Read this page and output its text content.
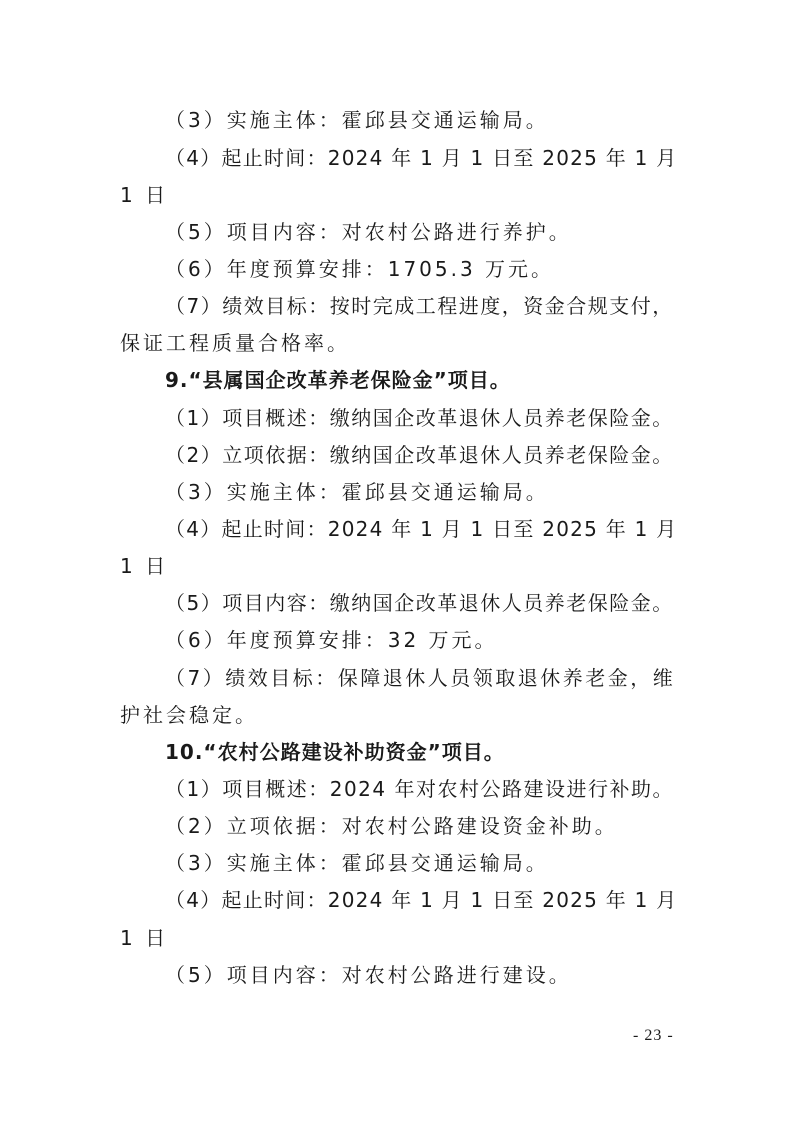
（3）实施主体：霍邱县交通运输局。
（4）起止时间：2024 年 1 月 1 日至 2025 年 1 月
1 日
（5）项目内容：对农村公路进行养护。
（6）年度预算安排：1705.3 万元。
（7）绩效目标：按时完成工程进度，资金合规支付，
保证工程质量合格率。
9.“县属国企改革养老保险金”项目。
（1）项目概述：缴纳国企改革退休人员养老保险金。
（2）立项依据：缴纳国企改革退休人员养老保险金。
（3）实施主体：霍邱县交通运输局。
（4）起止时间：2024 年 1 月 1 日至 2025 年 1 月
1 日
（5）项目内容：缴纳国企改革退休人员养老保险金。
（6）年度预算安排：32 万元。
（7）绩效目标：保障退休人员领取退休养老金，维
护社会稳定。
10.“农村公路建设补助资金”项目。
（1）项目概述：2024 年对农村公路建设进行补助。
（2）立项依据：对农村公路建设资金补助。
（3）实施主体：霍邱县交通运输局。
（4）起止时间：2024 年 1 月 1 日至 2025 年 1 月
1 日
（5）项目内容：对农村公路进行建设。
- 23 -
